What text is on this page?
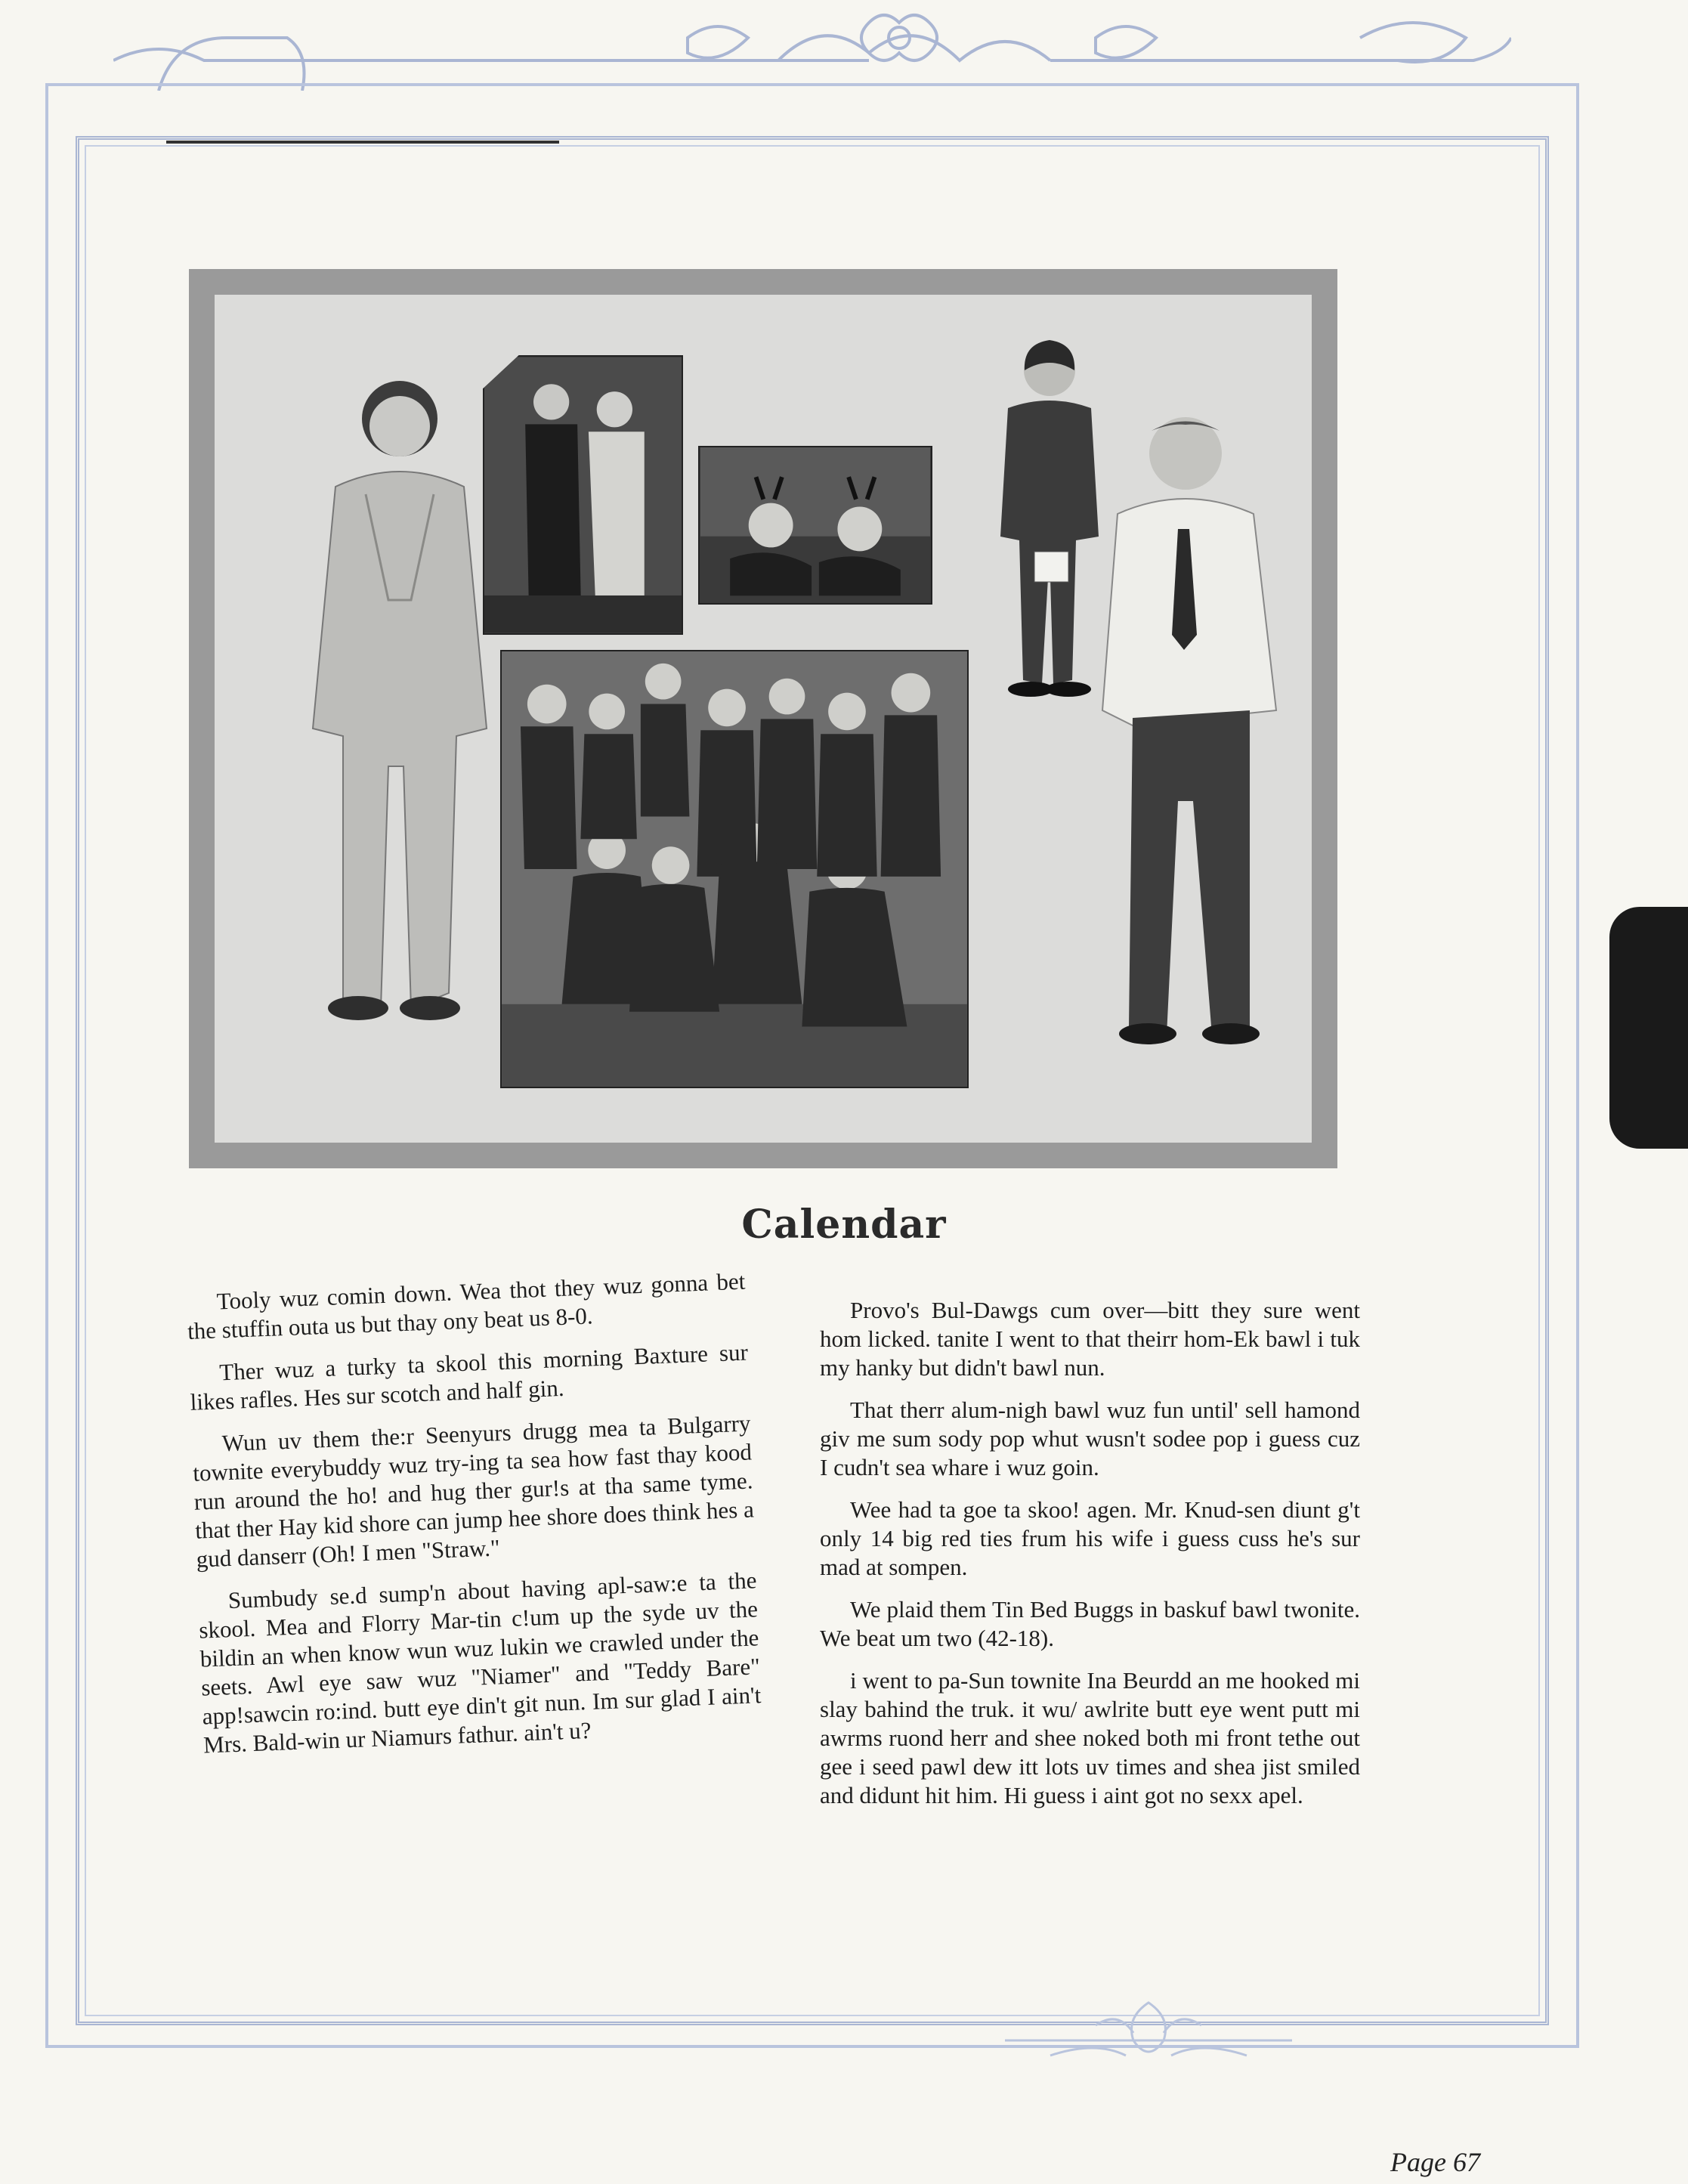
Calendar

Tooly wuz comin down. Wea thot they wuz gonna bet the stuffin outa us but thay ony beat us 8-0.

Ther wuz a turky ta skool this morning Baxture sur likes rafles. Hes sur scotch and half gin.

Wun uv them the:r Seenyurs drugg mea ta Bulgarry townite everybuddy wuz try-ing ta sea how fast thay kood run around the ho! and hug ther gur!s at tha same tyme. that ther Hay kid shore can jump hee shore does think hes a gud danserr (Oh! I men "Straw."

Sumbudy se.d sump'n about having apl-saw:e ta the skool. Mea and Florry Mar-tin c!um up the syde uv the bildin an when know wun wuz lukin we crawled under the seets. Awl eye saw wuz "Niamer" and "Teddy Bare" app!sawcin ro:ind. butt eye din't git nun. Im sur glad I ain't Mrs. Bald-win ur Niamurs fathur. ain't u?

Provo's Bul-Dawgs cum over—bitt they sure went hom licked. tanite I went to that theirr hom-Ek bawl i tuk my hanky but didn't bawl nun.

That therr alum-nigh bawl wuz fun until' sell hamond giv me sum sody pop whut wusn't sodee pop i guess cuz I cudn't sea whare i wuz goin.

Wee had ta goe ta skoo! agen. Mr. Knud-sen diunt g't only 14 big red ties frum his wife i guess cuss he's sur mad at sompen.

We plaid them Tin Bed Buggs in baskuf bawl twonite. We beat um two (42-18).

i went to pa-Sun townite Ina Beurdd an me hooked mi slay bahind the truk. it wu/ awlrite butt eye went putt mi awrms ruond herr and shee noked both mi front tethe out gee i seed pawl dew itt lots uv times and shea jist smiled and didunt hit him. Hi guess i aint got no sexx apel.

Page 67
